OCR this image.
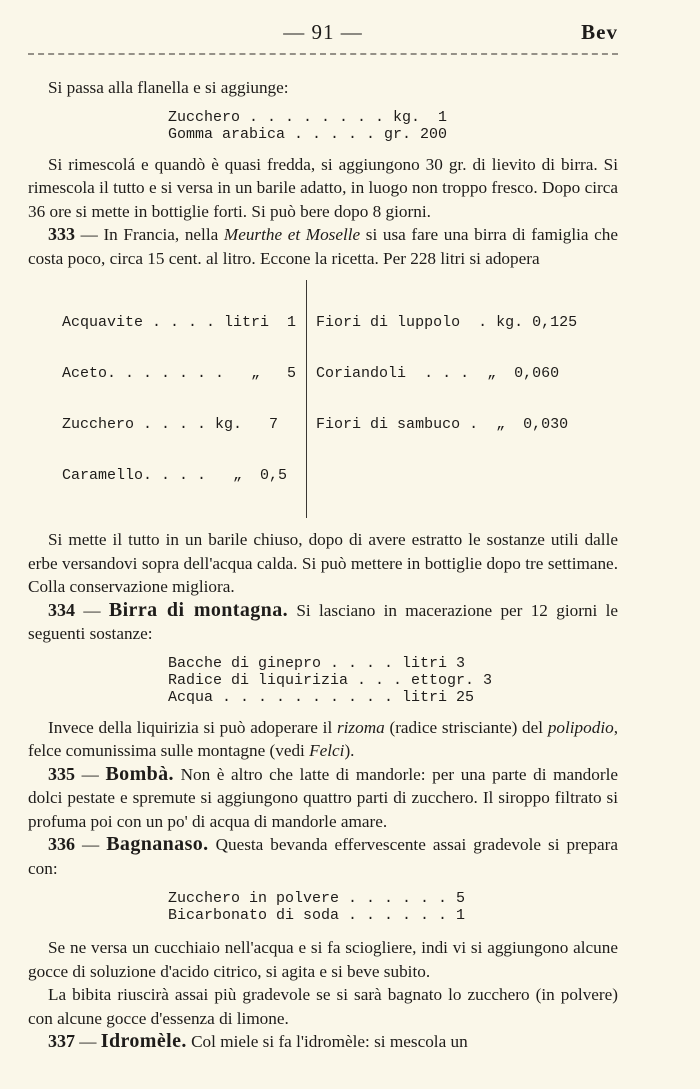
— 91 —	Bev

Si passa alla flanella e si aggiunge:

Zucchero . . . . . . . . kg.  1
Gomma arabica . . . . . gr. 200

Si rimescolá e quandò è quasi fredda, si aggiungono 30 gr. di lievito di birra. Si rimescola il tutto e si versa in un barile adatto, in luogo non troppo fresco. Dopo circa 36 ore si mette in bottiglie forti. Si può bere dopo 8 giorni.

333 — In Francia, nella Meurthe et Moselle si usa fare una birra di famiglia che costa poco, circa 15 cent. al litro. Eccone la ricetta. Per 228 litri si adopera

Acquavite . . . . litri  1

Aceto. . . . . . .   „   5

Zucchero . . . . kg.   7

Caramello. . . .   „  0,5

Fiori di luppolo  . kg. 0,125

Coriandoli  . . .  „  0,060

Fiori di sambuco .  „  0,030

Si mette il tutto in un barile chiuso, dopo di avere estratto le sostanze utili dalle erbe versandovi sopra dell'acqua calda. Si può mettere in bottiglie dopo tre settimane. Colla conservazione migliora.

334 — Birra di montagna. Si lasciano in macerazione per 12 giorni le seguenti sostanze:

Bacche di ginepro . . . . litri 3
Radice di liquirizia . . . ettogr. 3
Acqua . . . . . . . . . . litri 25

Invece della liquirizia si può adoperare il rizoma (radice strisciante) del polipodio, felce comunissima sulle montagne (vedi Felci).

335 — Bombà. Non è altro che latte di mandorle: per una parte di mandorle dolci pestate e spremute si aggiungono quattro parti di zucchero. Il siroppo filtrato si profuma poi con un po' di acqua di mandorle amare.

336 — Bagnanaso. Questa bevanda effervescente assai gradevole si prepara con:

Zucchero in polvere . . . . . . 5
Bicarbonato di soda . . . . . . 1

Se ne versa un cucchiaio nell'acqua e si fa sciogliere, indi vi si aggiungono alcune gocce di soluzione d'acido citrico, si agita e si beve subito.

La bibita riuscirà assai più gradevole se si sarà bagnato lo zucchero (in polvere) con alcune gocce d'essenza di limone.

337 — Idromèle. Col miele si fa l'idromèle: si mescola un
